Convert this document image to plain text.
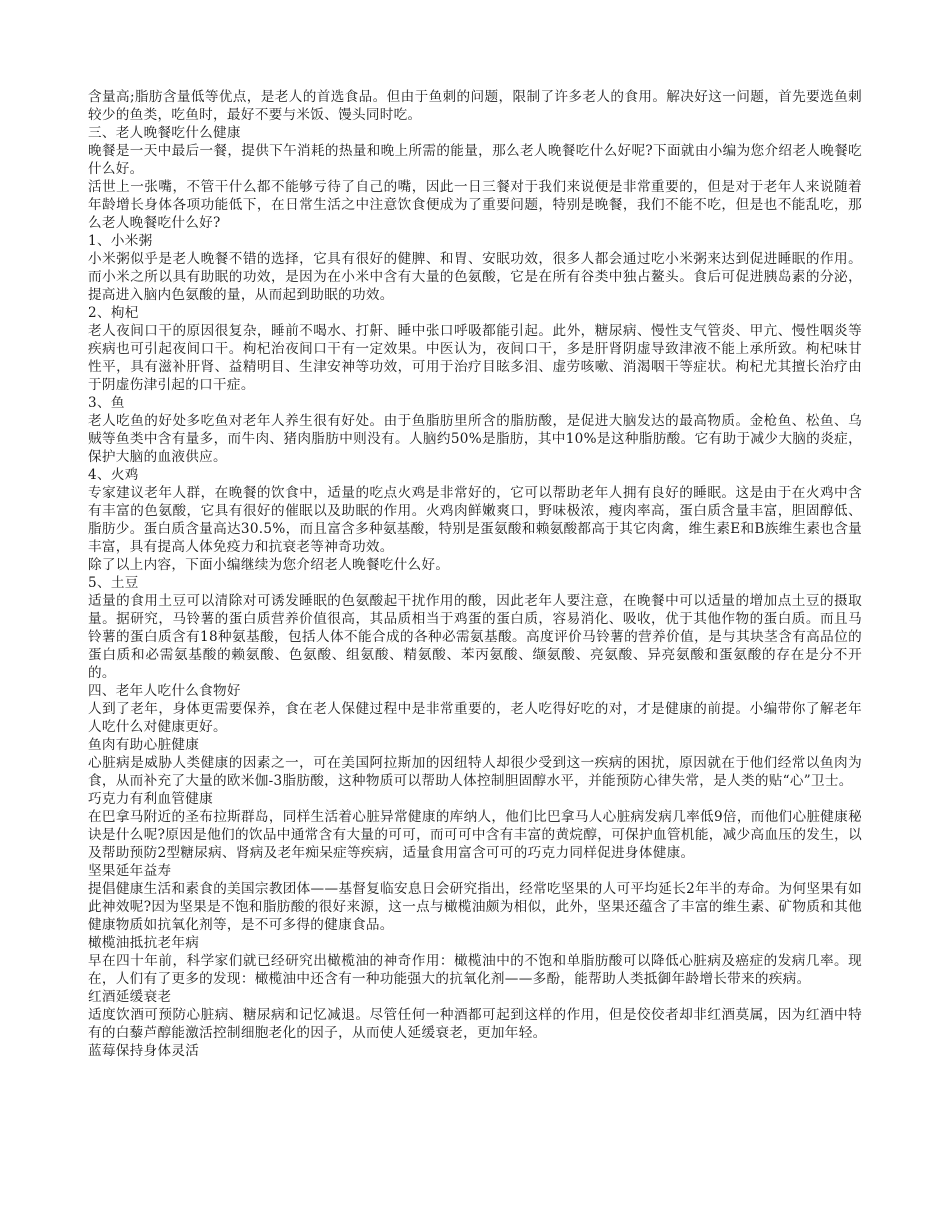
含量高;脂肪含量低等优点，是老人的首选食品。但由于鱼刺的问题，限制了许多老人的食用。解决好这一问题，首先要选鱼刺较少的鱼类，吃鱼时，最好不要与米饭、馒头同时吃。

三、老人晚餐吃什么健康

晚餐是一天中最后一餐，提供下午消耗的热量和晚上所需的能量，那么老人晚餐吃什么好呢?下面就由小编为您介绍老人晚餐吃什么好。

活世上一张嘴，不管干什么都不能够亏待了自己的嘴，因此一日三餐对于我们来说便是非常重要的，但是对于老年人来说随着年龄增长身体各项功能低下，在日常生活之中注意饮食便成为了重要问题，特别是晚餐，我们不能不吃，但是也不能乱吃，那么老人晚餐吃什么好?

1、小米粥

小米粥似乎是老人晚餐不错的选择，它具有很好的健脾、和胃、安眠功效，很多人都会通过吃小米粥来达到促进睡眠的作用。而小米之所以具有助眠的功效，是因为在小米中含有大量的色氨酸，它是在所有谷类中独占鳌头。食后可促进胰岛素的分泌，提高进入脑内色氨酸的量，从而起到助眠的功效。

2、枸杞

老人夜间口干的原因很复杂，睡前不喝水、打鼾、睡中张口呼吸都能引起。此外，糖尿病、慢性支气管炎、甲亢、慢性咽炎等疾病也可引起夜间口干。枸杞治夜间口干有一定效果。中医认为，夜间口干，多是肝肾阴虚导致津液不能上承所致。枸杞味甘性平，具有滋补肝肾、益精明目、生津安神等功效，可用于治疗目眩多泪、虚劳咳嗽、消渴咽干等症状。枸杞尤其擅长治疗由于阴虚伤津引起的口干症。

3、鱼

老人吃鱼的好处多吃鱼对老年人养生很有好处。由于鱼脂肪里所含的脂肪酸，是促进大脑发达的最高物质。金枪鱼、松鱼、乌贼等鱼类中含有量多，而牛肉、猪肉脂肪中则没有。人脑约50%是脂肪，其中10%是这种脂肪酸。它有助于减少大脑的炎症，保护大脑的血液供应。

4、火鸡

专家建议老年人群，在晚餐的饮食中，适量的吃点火鸡是非常好的，它可以帮助老年人拥有良好的睡眠。这是由于在火鸡中含有丰富的色氨酸，它具有很好的催眠以及助眠的作用。火鸡肉鲜嫩爽口，野味极浓，瘦肉率高，蛋白质含量丰富，胆固醇低、脂肪少。蛋白质含量高达30.5%，而且富含多种氨基酸，特别是蛋氨酸和赖氨酸都高于其它肉禽，维生素E和B族维生素也含量丰富，具有提高人体免疫力和抗衰老等神奇功效。

除了以上内容，下面小编继续为您介绍老人晚餐吃什么好。

5、土豆

适量的食用土豆可以清除对可诱发睡眠的色氨酸起干扰作用的酸，因此老年人要注意，在晚餐中可以适量的增加点土豆的摄取量。据研究，马铃薯的蛋白质营养价值很高，其品质相当于鸡蛋的蛋白质，容易消化、吸收，优于其他作物的蛋白质。而且马铃薯的蛋白质含有18种氨基酸，包括人体不能合成的各种必需氨基酸。高度评价马铃薯的营养价值，是与其块茎含有高品位的蛋白质和必需氨基酸的赖氨酸、色氨酸、组氨酸、精氨酸、苯丙氨酸、缬氨酸、亮氨酸、异亮氨酸和蛋氨酸的存在是分不开的。

四、老年人吃什么食物好

人到了老年，身体更需要保养，食在老人保健过程中是非常重要的，老人吃得好吃的对，才是健康的前提。小编带你了解老年人吃什么对健康更好。

鱼肉有助心脏健康

心脏病是威胁人类健康的因素之一，可在美国阿拉斯加的因纽特人却很少受到这一疾病的困扰，原因就在于他们经常以鱼肉为食，从而补充了大量的欧米伽-3脂肪酸，这种物质可以帮助人体控制胆固醇水平，并能预防心律失常，是人类的贴“心”卫士。

巧克力有利血管健康

在巴拿马附近的圣布拉斯群岛，同样生活着心脏异常健康的库纳人，他们比巴拿马人心脏病发病几率低9倍，而他们心脏健康秘诀是什么呢?原因是他们的饮品中通常含有大量的可可，而可可中含有丰富的黄烷醇，可保护血管机能，减少高血压的发生，以及帮助预防2型糖尿病、肾病及老年痴呆症等疾病，适量食用富含可可的巧克力同样促进身体健康。

坚果延年益寿

提倡健康生活和素食的美国宗教团体——基督复临安息日会研究指出，经常吃坚果的人可平均延长2年半的寿命。为何坚果有如此神效呢?因为坚果是不饱和脂肪酸的很好来源，这一点与橄榄油颇为相似，此外，坚果还蕴含了丰富的维生素、矿物质和其他健康物质如抗氧化剂等，是不可多得的健康食品。

橄榄油抵抗老年病

早在四十年前，科学家们就已经研究出橄榄油的神奇作用：橄榄油中的不饱和单脂肪酸可以降低心脏病及癌症的发病几率。现在，人们有了更多的发现：橄榄油中还含有一种功能强大的抗氧化剂——多酚，能帮助人类抵御年龄增长带来的疾病。

红酒延缓衰老

适度饮酒可预防心脏病、糖尿病和记忆减退。尽管任何一种酒都可起到这样的作用，但是佼佼者却非红酒莫属，因为红酒中特有的白藜芦醇能激活控制细胞老化的因子，从而使人延缓衰老，更加年轻。

蓝莓保持身体灵活
